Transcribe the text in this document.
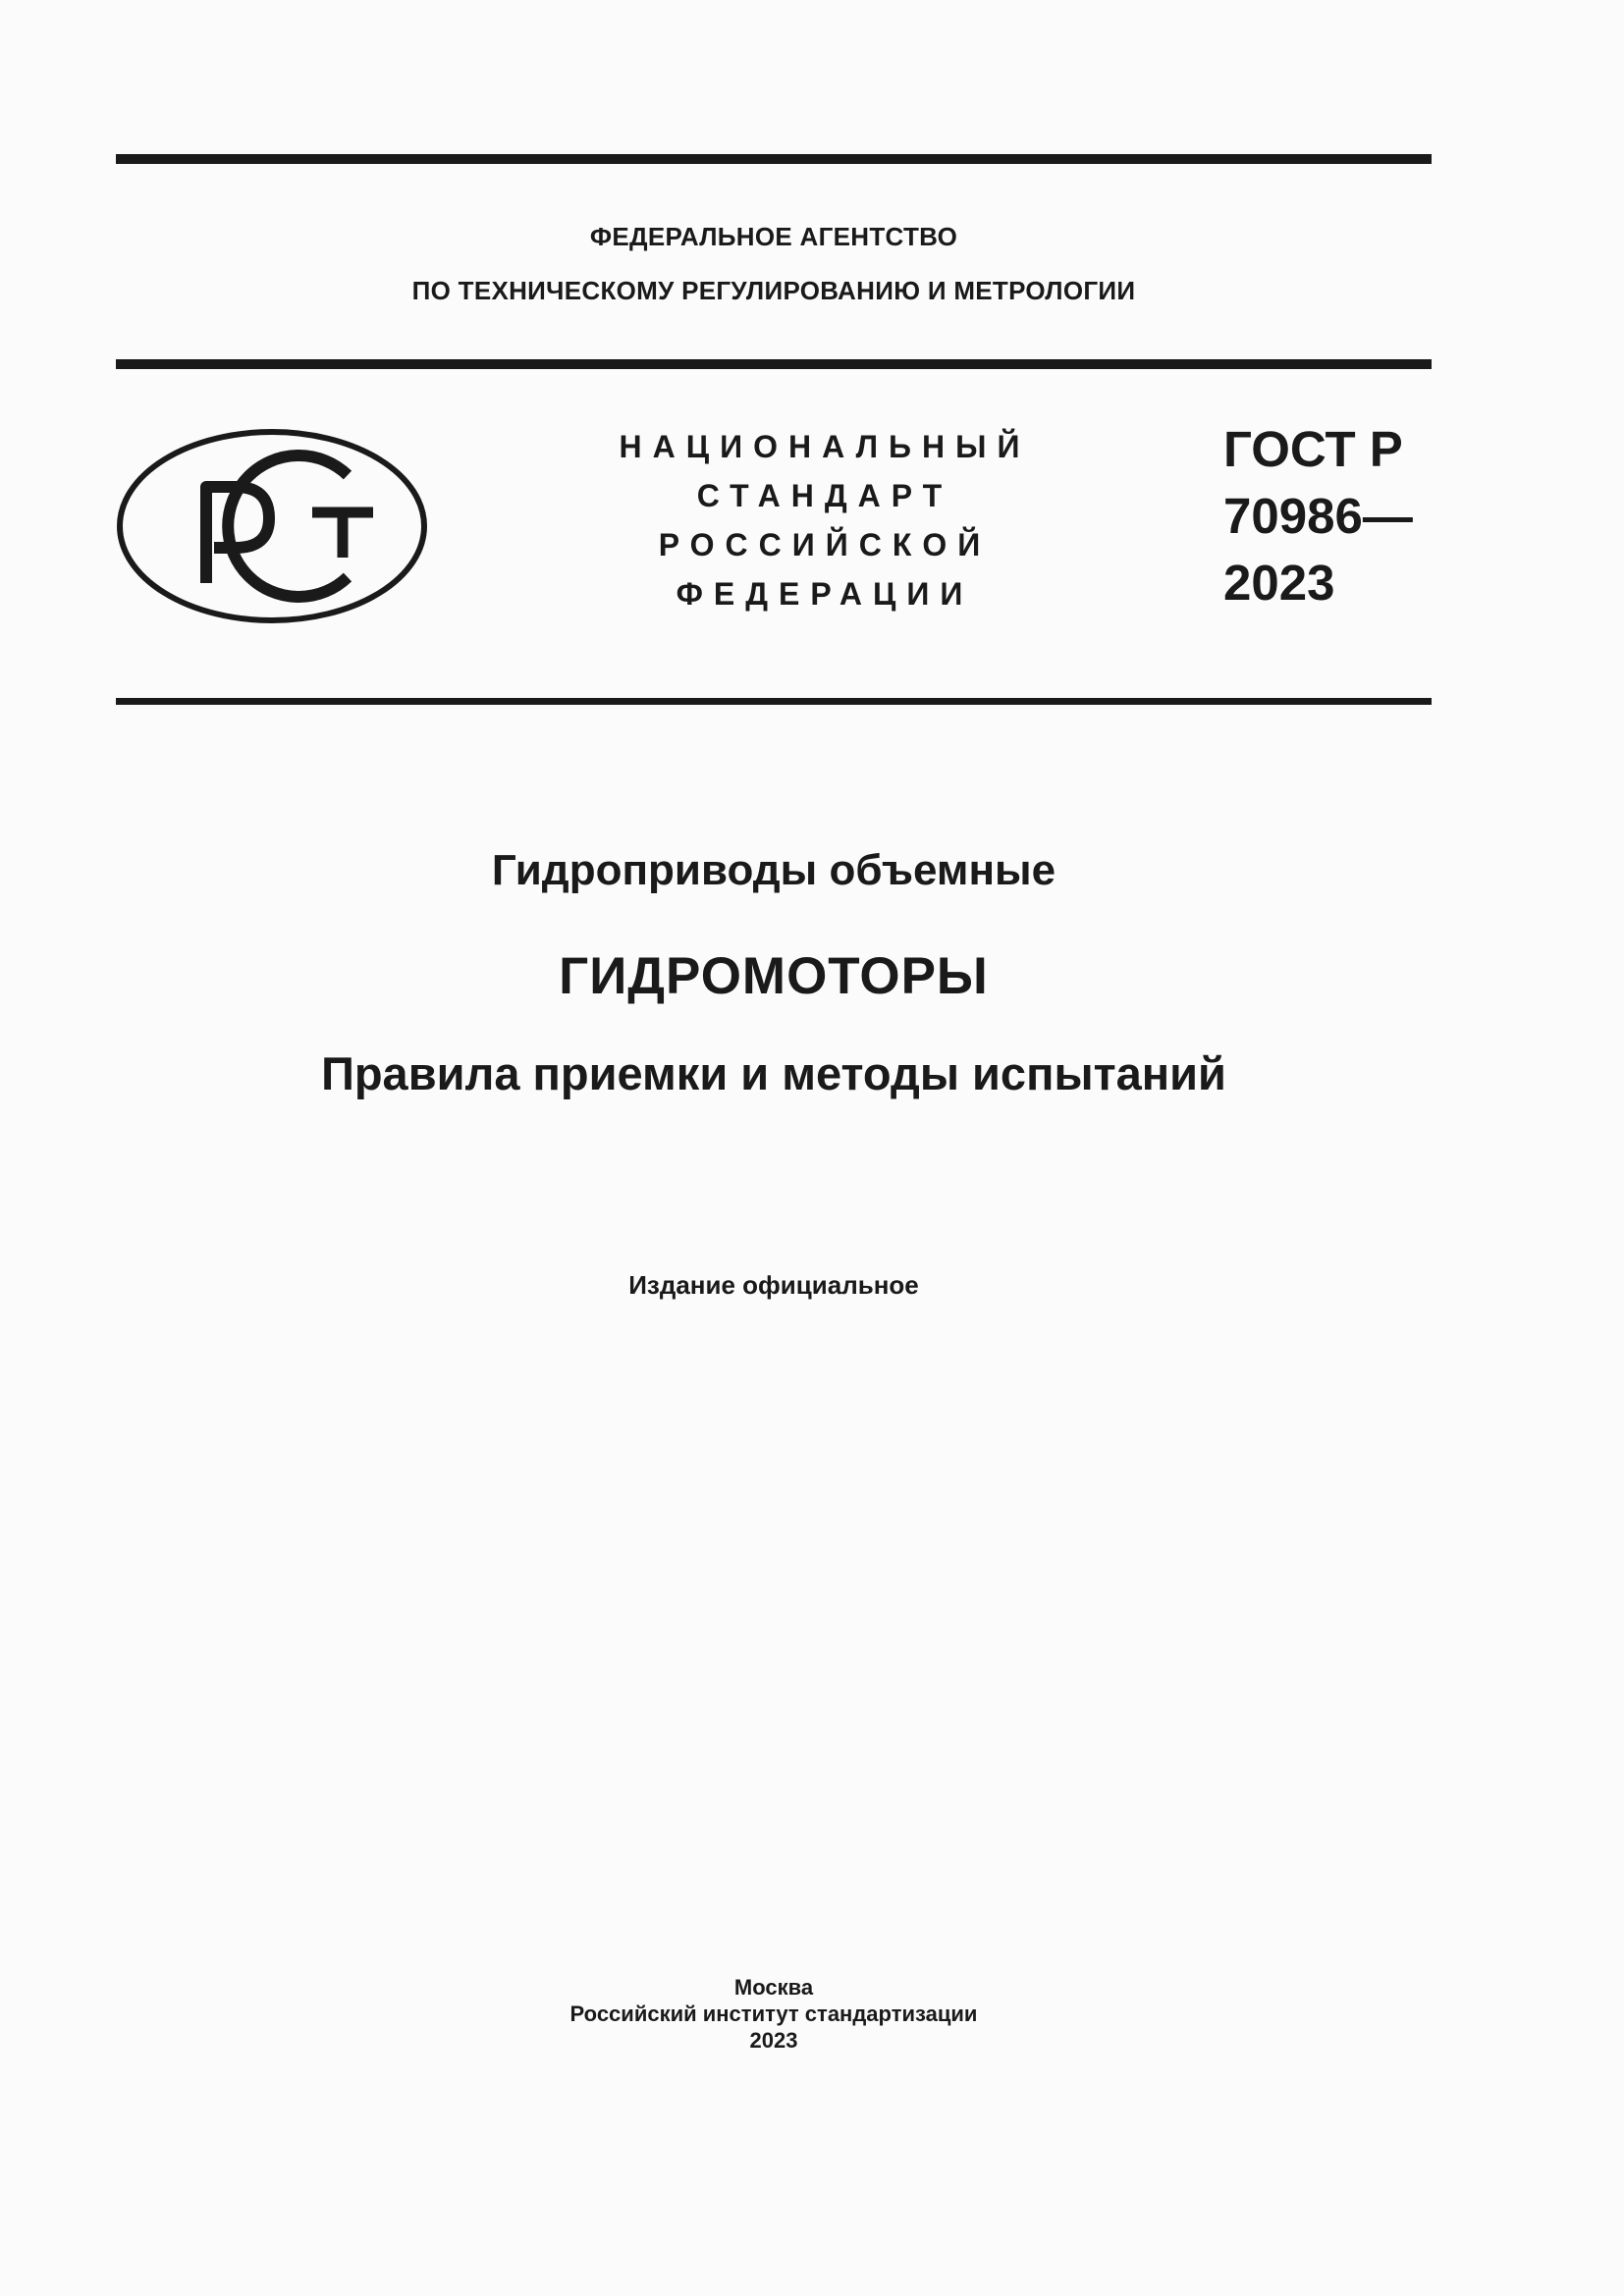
ФЕДЕРАЛЬНОЕ АГЕНТСТВО
ПО ТЕХНИЧЕСКОМУ РЕГУЛИРОВАНИЮ И МЕТРОЛОГИИ
НАЦИОНАЛЬНЫЙ
СТАНДАРТ
РОССИЙСКОЙ
ФЕДЕРАЦИИ
ГОСТ Р
70986—
2023
Гидроприводы объемные
ГИДРОМОТОРЫ
Правила приемки и методы испытаний
Издание официальное
Москва
Российский институт стандартизации
2023
